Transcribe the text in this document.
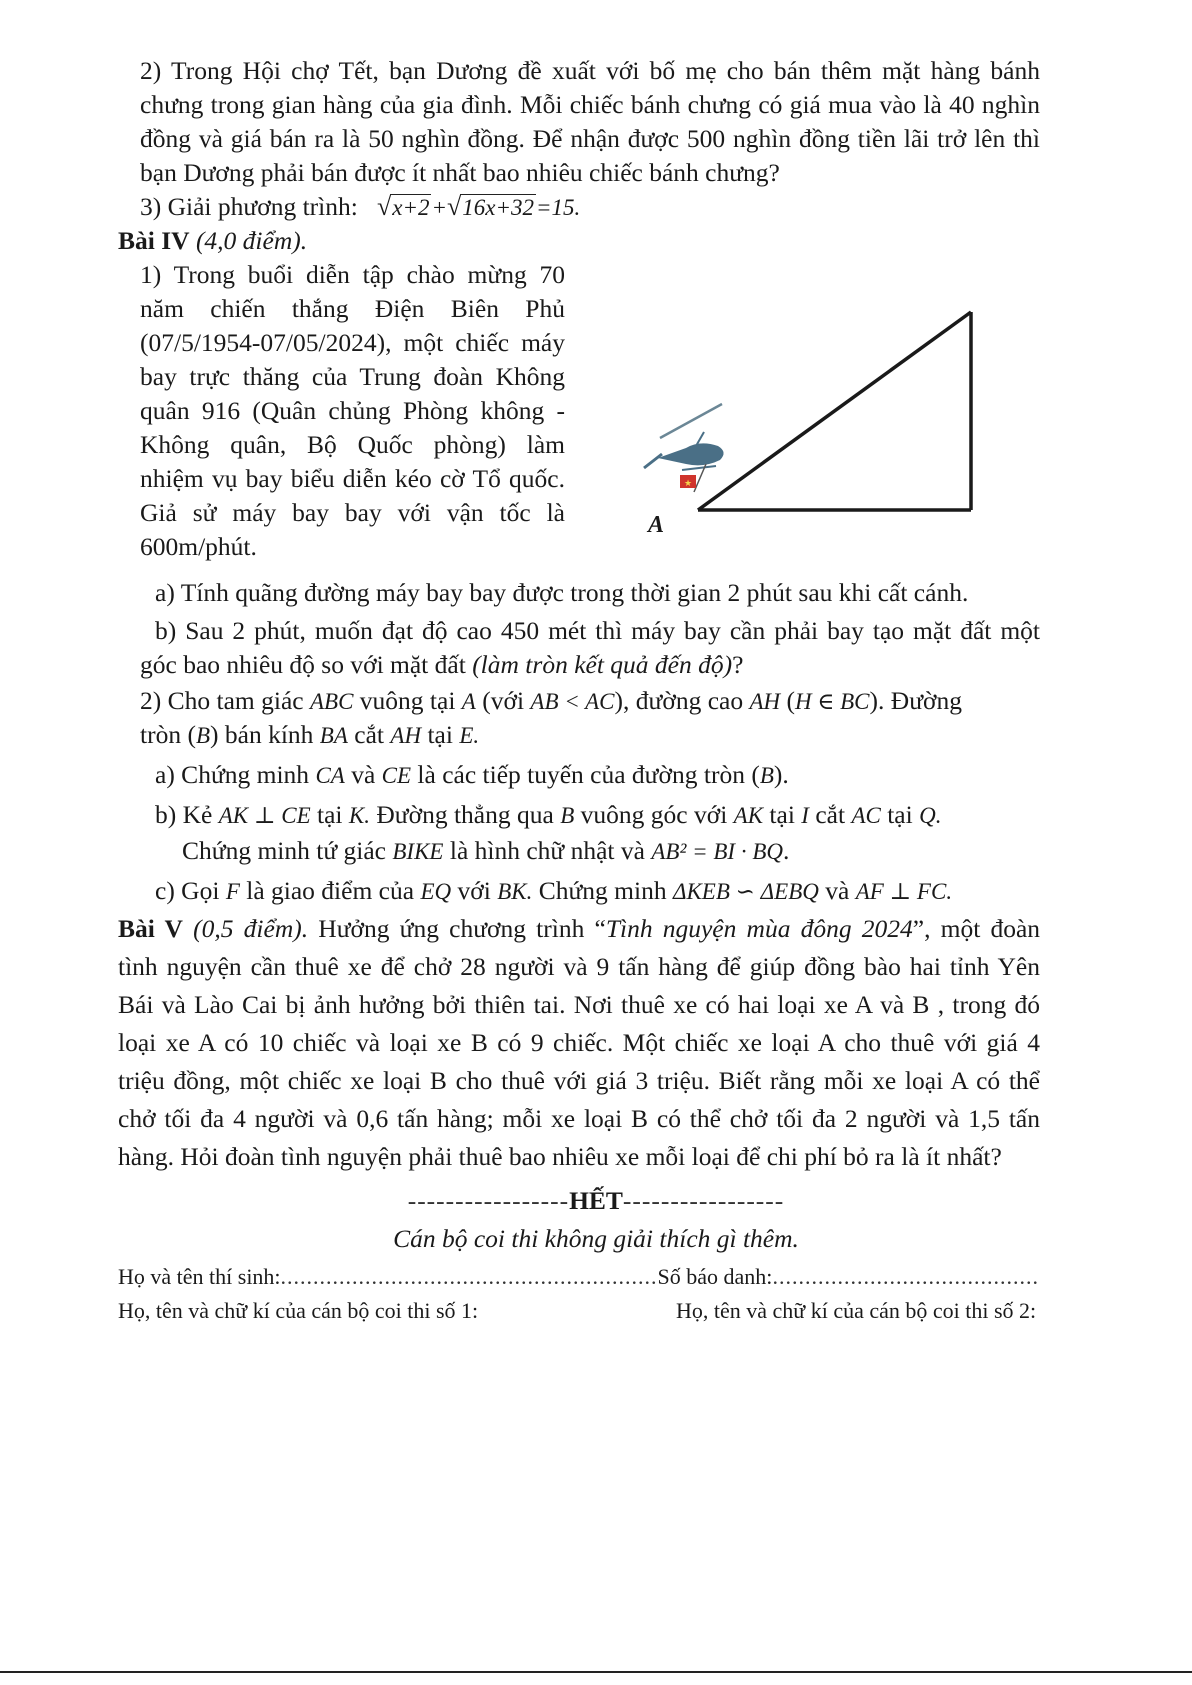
2) Trong Hội chợ Tết, bạn Dương đề xuất với bố mẹ cho bán thêm mặt hàng bánh
chưng trong gian hàng của gia đình. Mỗi chiếc bánh chưng có giá mua vào là 40 nghìn
đồng và giá bán ra là 50 nghìn đồng. Để nhận được 500 nghìn đồng tiền lãi trở lên thì
bạn Dương phải bán được ít nhất bao nhiêu chiếc bánh chưng?
3) Giải phương trình: √x+2+√16x+32=15.
Bài IV (4,0 điểm).
1) Trong buổi diễn tập chào mừng 70
năm chiến thắng Điện Biên Phủ
(07/5/1954-07/05/2024), một chiếc máy
bay trực thăng của Trung đoàn Không
quân 916 (Quân chủng Phòng không -
Không quân, Bộ Quốc phòng) làm
nhiệm vụ bay biểu diễn kéo cờ Tổ quốc.
Giả sử máy bay bay với vận tốc là
600m/phút.
★
A
a) Tính quãng đường máy bay bay được trong thời gian 2 phút sau khi cất cánh.
b) Sau 2 phút, muốn đạt độ cao 450 mét thì máy bay cần phải bay tạo mặt đất một
góc bao nhiêu độ so với mặt đất (làm tròn kết quả đến độ)?
2) Cho tam giác ABC vuông tại A (với AB < AC), đường cao AH (H ∈ BC). Đường
tròn (B) bán kính BA cắt AH tại E.
a) Chứng minh CA và CE là các tiếp tuyến của đường tròn (B).
b) Kẻ AK ⊥ CE tại K. Đường thẳng qua B vuông góc với AK tại I cắt AC tại Q.
Chứng minh tứ giác BIKE là hình chữ nhật và AB² = BI · BQ.
c) Gọi F là giao điểm của EQ với BK. Chứng minh ΔKEB ∽ ΔEBQ và AF ⊥ FC.
Bài V (0,5 điểm). Hưởng ứng chương trình “Tình nguyện mùa đông 2024”, một đoàn
tình nguyện cần thuê xe để chở 28 người và 9 tấn hàng để giúp đồng bào hai tỉnh Yên
Bái và Lào Cai bị ảnh hưởng bởi thiên tai. Nơi thuê xe có hai loại xe A và B , trong đó
loại xe A có 10 chiếc và loại xe B có 9 chiếc. Một chiếc xe loại A cho thuê với giá 4
triệu đồng, một chiếc xe loại B cho thuê với giá 3 triệu. Biết rằng mỗi xe loại A có thể
chở tối đa 4 người và 0,6 tấn hàng; mỗi xe loại B có thể chở tối đa 2 người và 1,5 tấn
hàng. Hỏi đoàn tình nguyện phải thuê bao nhiêu xe mỗi loại để chi phí bỏ ra là ít nhất?
-----------------HẾT-----------------
Cán bộ coi thi không giải thích gì thêm.
Họ và tên thí sinh:..........................................................Số báo danh:.........................................
Họ, tên và chữ kí của cán bộ coi thi số 1:	Họ, tên và chữ kí của cán bộ coi thi số 2:
